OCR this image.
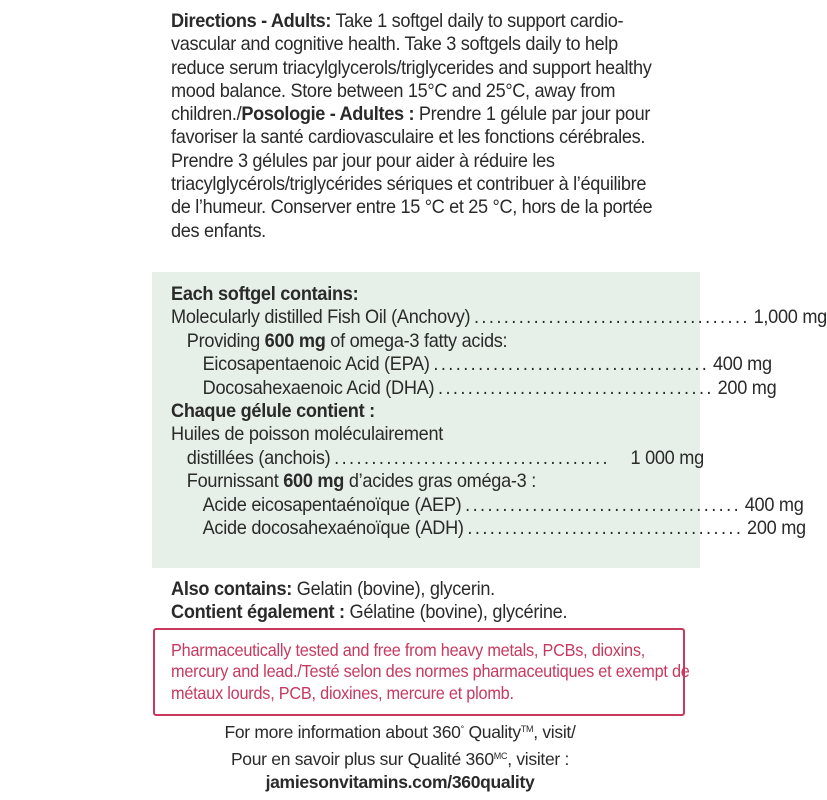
Directions - Adults: Take 1 softgel daily to support cardio-vascular and cognitive health. Take 3 softgels daily to help reduce serum triacylglycerols/triglycerides and support healthy mood balance. Store between 15°C and 25°C, away from children./Posologie - Adultes : Prendre 1 gélule par jour pour favoriser la santé cardiovasculaire et les fonctions cérébrales. Prendre 3 gélules par jour pour aider à réduire les triacylglycérols/triglycérides sériques et contribuer à l’équilibre de l’humeur. Conserver entre 15 °C et 25 °C, hors de la portée des enfants.
Each softgel contains:
Molecularly distilled Fish Oil (Anchovy) ..................................... 1,000 mg
Providing 600 mg of omega-3 fatty acids:
Eicosapentaenoic Acid (EPA) ..................................... 400 mg
Docosahexaenoic Acid (DHA) ..................................... 200 mg
Chaque gélule contient :
Huiles de poisson moléculairement
distillées (anchois) .....................................	1 000 mg
Fournissant 600 mg d’acides gras oméga-3 :
Acide eicosapentaénoïque (AEP) ..................................... 400 mg
Acide docosahexaénoïque (ADH) ..................................... 200 mg
Also contains: Gelatin (bovine), glycerin.
Contient également : Gélatine (bovine), glycérine.
Pharmaceutically tested and free from heavy metals, PCBs, dioxins, mercury and lead./Testé selon des normes pharmaceutiques et exempt de métaux lourds, PCB, dioxines, mercure et plomb.
For more information about 360° Quality™, visit/
Pour en savoir plus sur Qualité $360^{MC}$, visiter :
jamiesonvitamins.com/360quality
